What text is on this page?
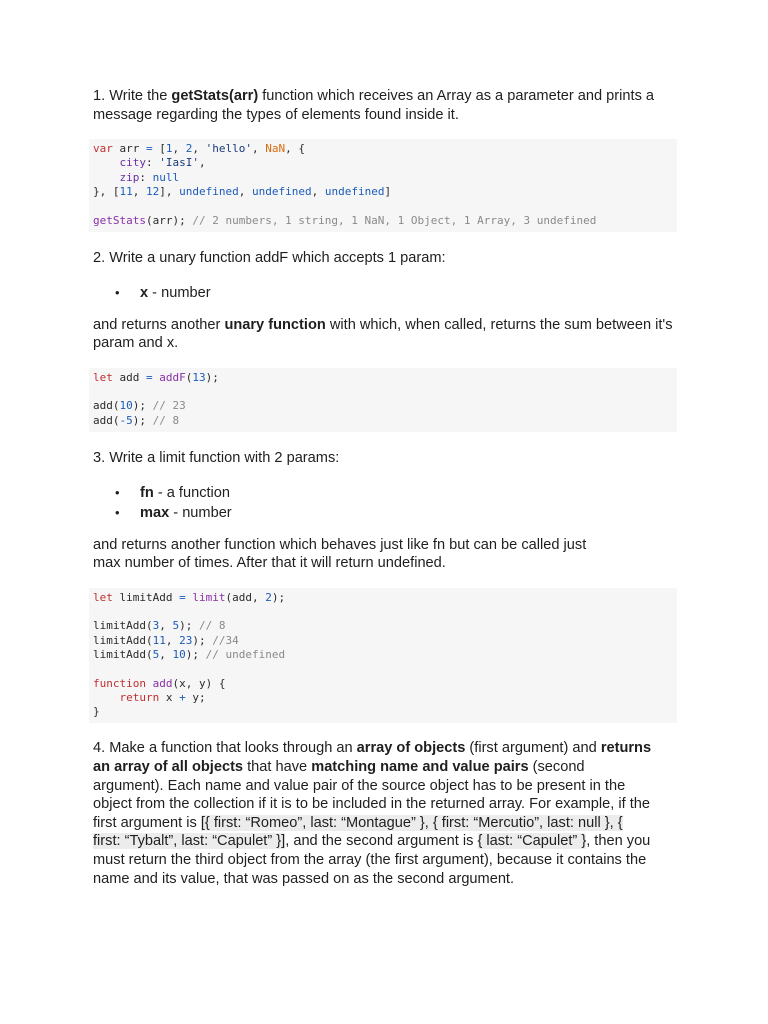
1. Write the getStats(arr) function which receives an Array as a parameter and prints a message regarding the types of elements found inside it.

var arr = [1, 2, 'hello', NaN, {
city: 'IasI',
zip: null
}, [11, 12], undefined, undefined, undefined]

getStats(arr); // 2 numbers, 1 string, 1 NaN, 1 Object, 1 Array, 3 undefined

2. Write a unary function addF which accepts 1 param:

• x - number

and returns another unary function with which, when called, returns the sum between it's param and x.

let add = addF(13);

add(10); // 23
add(-5); // 8

3. Write a limit function with 2 params:

• fn - a function
• max - number

and returns another function which behaves just like fn but can be called just max number of times. After that it will return undefined.

let limitAdd = limit(add, 2);

limitAdd(3, 5); // 8
limitAdd(11, 23); //34
limitAdd(5, 10); // undefined

function add(x, y) {
return x + y;
}

4. Make a function that looks through an array of objects (first argument) and returns an array of all objects that have matching name and value pairs (second argument). Each name and value pair of the source object has to be present in the object from the collection if it is to be included in the returned array. For example, if the first argument is [{ first: “Romeo”, last: “Montague” }, { first: “Mercutio”, last: null }, { first: “Tybalt”, last: “Capulet” }], and the second argument is { last: “Capulet” }, then you must return the third object from the array (the first argument), because it contains the name and its value, that was passed on as the second argument.
